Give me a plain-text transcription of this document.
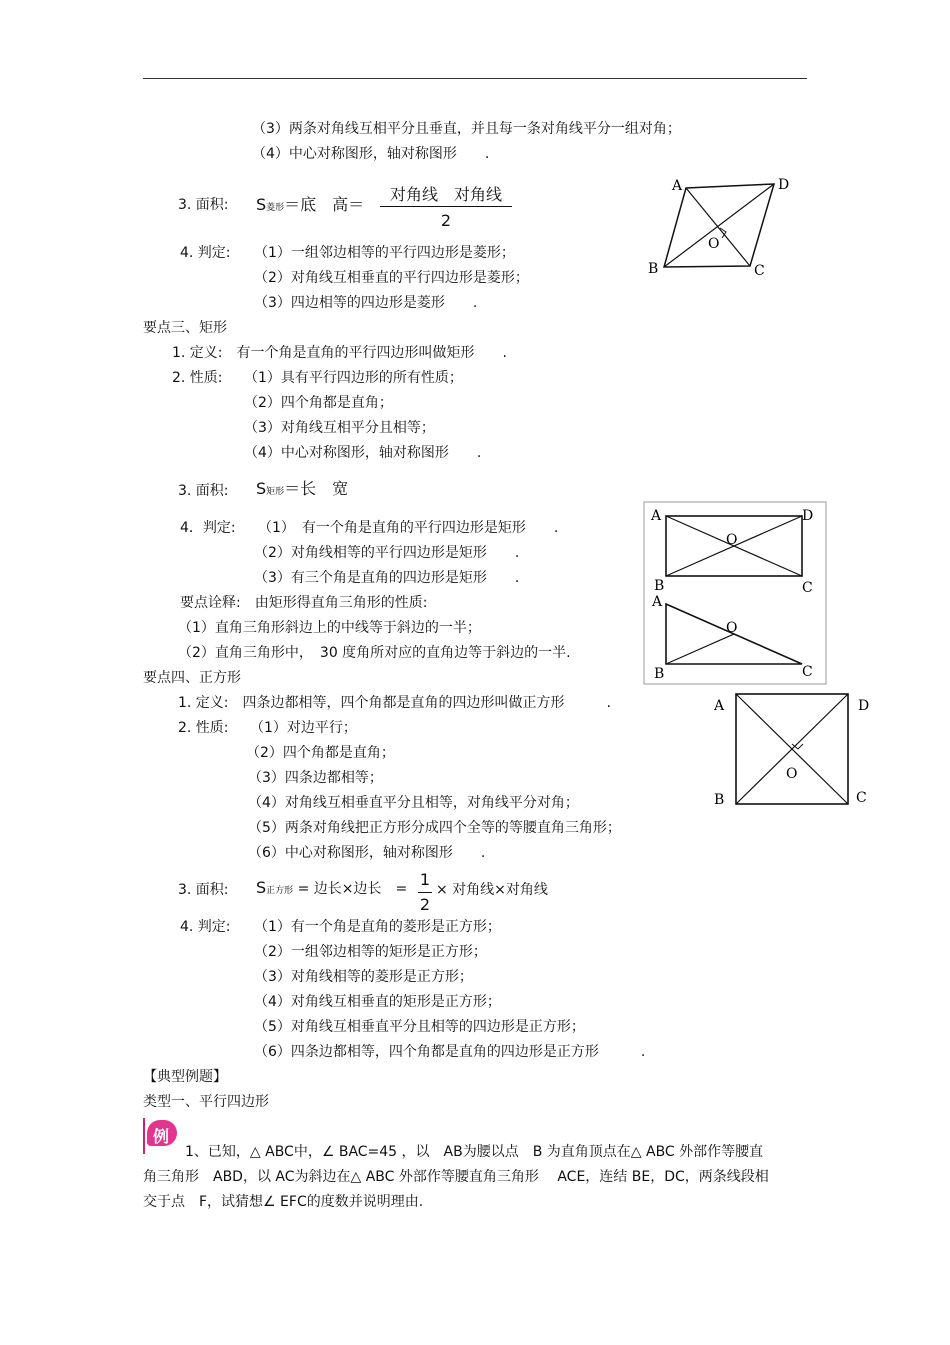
（3）两条对角线互相平分且垂直，并且每一条对角线平分一组对角；
（4）中心对称图形，轴对称图形　　.
3. 面积: S菱形＝底　高＝
对角线　对角线
2
4. 判定: （1）一组邻边相等的平行四边形是菱形；
（2）对角线互相垂直的平行四边形是菱形；
（3）四边相等的四边形是菱形　　.
A	D
B	C
O
要点三、矩形
1. 定义:　有一个角是直角的平行四边形叫做矩形　　.
2. 性质: （1）具有平行四边形的所有性质；
（2）四个角都是直角；
（3）对角线互相平分且相等；
（4）中心对称图形，轴对称图形　　.
3. 面积: S矩形＝长　宽
4．判定: （1）　有一个角是直角的平行四边形是矩形　　.
（2）对角线相等的平行四边形是矩形　　.
（3）有三个角是直角的四边形是矩形　　.
要点诠释:　由矩形得直角三角形的性质:
（1）直角三角形斜边上的中线等于斜边的一半；
（2）直角三角形中，　30 度角所对应的直角边等于斜边的一半.
A	D
B	C
O
A
O
B	C
要点四、正方形
1. 定义:　四条边都相等，四个角都是直角的四边形叫做正方形　　　.
2. 性质: （1）对边平行；
（2）四个角都是直角；
（3）四条边都相等；
（4）对角线互相垂直平分且相等，对角线平分对角；
（5）两条对角线把正方形分成四个全等的等腰直角三角形；
（6）中心对称图形，轴对称图形　　.
3. 面积: S正方形 = 边长×边长　= 1
2
× 对角线×对角线
4. 判定: （1）有一个角是直角的菱形是正方形；
（2）一组邻边相等的矩形是正方形；
（3）对角线相等的菱形是正方形；
（4）对角线互相垂直的矩形是正方形；
（5）对角线互相垂直平分且相等的四边形是正方形；
（6）四条边都相等，四个角都是直角的四边形是正方形　　　.
A	D
B	C
O
【典型例题】
类型一、平行四边形
例
1、已知，△ ABC中，∠ BAC=45 ，以　AB为腰以点　B 为直角顶点在△ ABC 外部作等腰直
角三角形　ABD，以 AC为斜边在△ ABC 外部作等腰直角三角形　 ACE，连结 BE，DC，两条线段相
交于点　F，试猜想∠ EFC的度数并说明理由.
